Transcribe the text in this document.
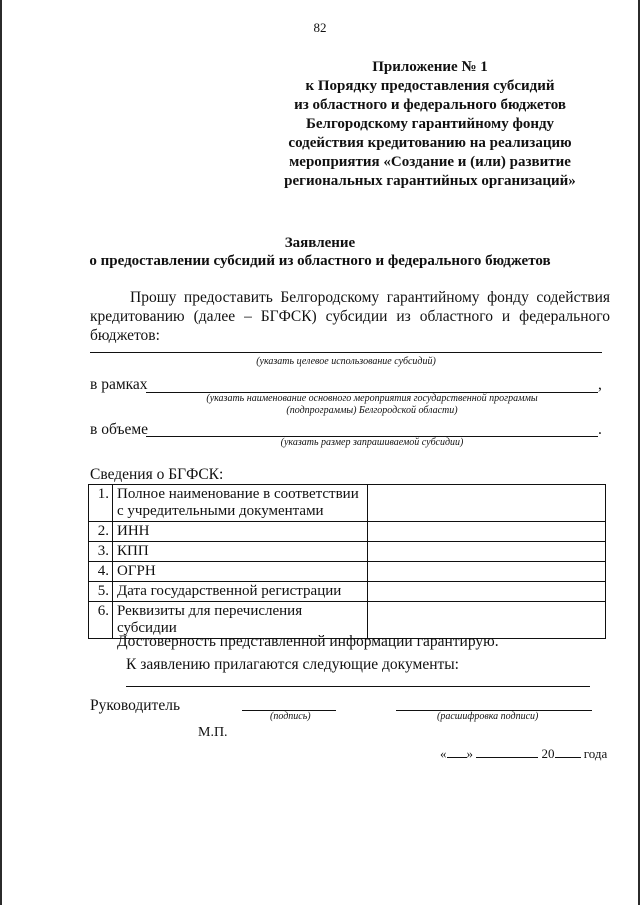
82
Приложение № 1
к Порядку предоставления субсидий
из областного и федерального бюджетов
Белгородскому гарантийному фонду
содействия кредитованию на реализацию
мероприятия «Создание и (или) развитие
региональных гарантийных организаций»
Заявление
о предоставлении субсидий из областного и федерального бюджетов
Прошу предоставить Белгородскому гарантийному фонду содействия кредитованию (далее – БГФСК) субсидии из областного и федерального бюджетов:
(указать целевое использование субсидий)
в рамках	,
(указать наименование основного мероприятия государственной программы
(подпрограммы) Белгородской области)
в объеме	.
(указать размер запрашиваемой субсидии)
Сведения о БГФСК:
1.	Полное наименование в соответствии с учредительными документами	
2.	ИНН	
3.	КПП	
4.	ОГРН	
5.	Дата государственной регистрации	
6.	Реквизиты для перечисления субсидии	
Достоверность представленной информации гарантирую.
К заявлению прилагаются следующие документы:
Руководитель
(подпись)	(расшифровка подписи)
М.П.
« »	20 года
